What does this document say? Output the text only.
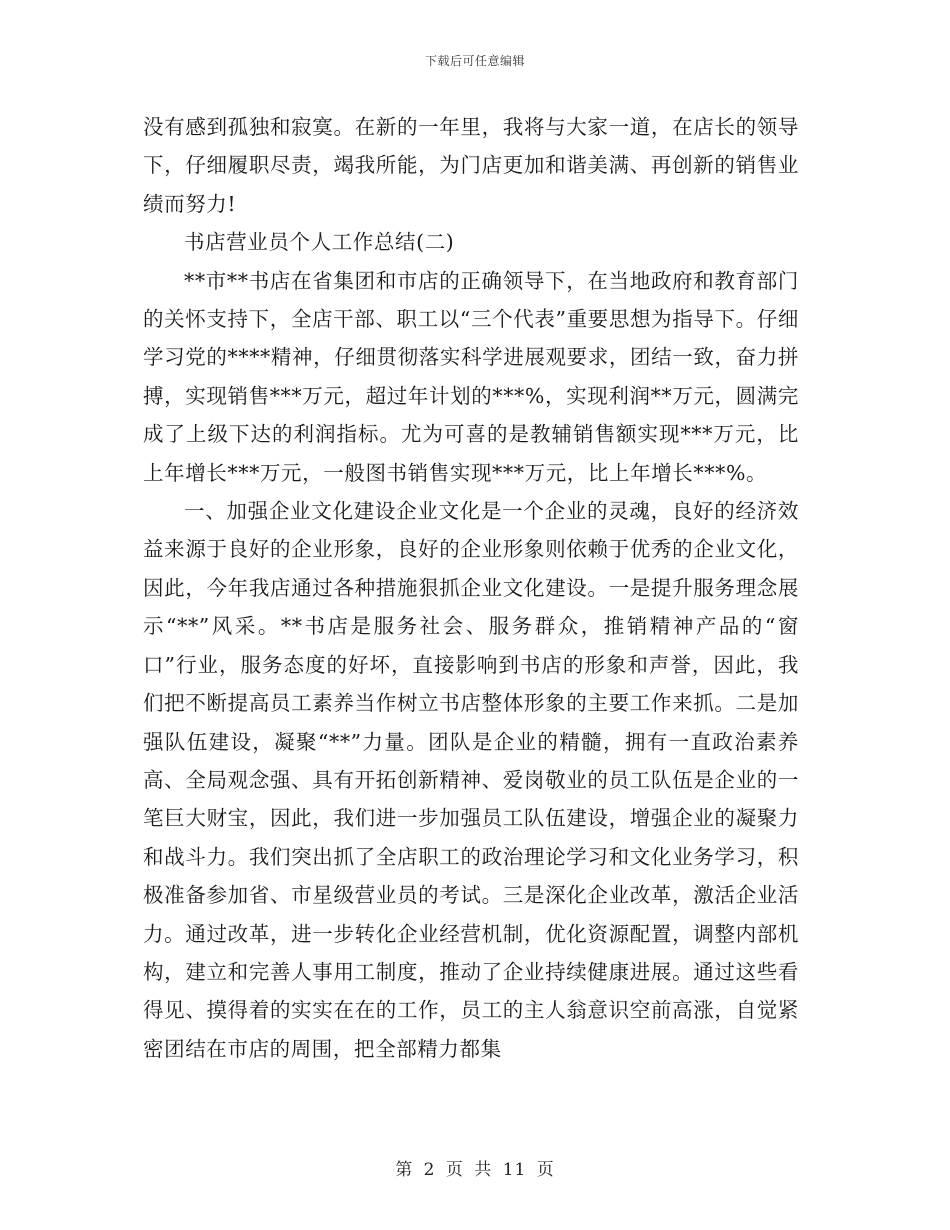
下载后可任意编辑

没有感到孤独和寂寞。在新的一年里，我将与大家一道，在店长的领导下，仔细履职尽责，竭我所能，为门店更加和谐美满、再创新的销售业绩而努力!

书店营业员个人工作总结(二)

**市**书店在省集团和市店的正确领导下，在当地政府和教育部门的关怀支持下，全店干部、职工以“三个代表”重要思想为指导下。仔细学习党的****精神，仔细贯彻落实科学进展观要求，团结一致，奋力拼搏，实现销售***万元，超过年计划的***%，实现利润**万元，圆满完成了上级下达的利润指标。尤为可喜的是教辅销售额实现***万元，比上年增长***万元，一般图书销售实现***万元，比上年增长***%。

一、加强企业文化建设企业文化是一个企业的灵魂，良好的经济效益来源于良好的企业形象，良好的企业形象则依赖于优秀的企业文化，因此，今年我店通过各种措施狠抓企业文化建设。一是提升服务理念展示“**”风采。**书店是服务社会、服务群众，推销精神产品的“窗口”行业，服务态度的好坏，直接影响到书店的形象和声誉，因此，我们把不断提高员工素养当作树立书店整体形象的主要工作来抓。二是加强队伍建设，凝聚“**”力量。团队是企业的精髓，拥有一直政治素养高、全局观念强、具有开拓创新精神、爱岗敬业的员工队伍是企业的一笔巨大财宝，因此，我们进一步加强员工队伍建设，增强企业的凝聚力和战斗力。我们突出抓了全店职工的政治理论学习和文化业务学习，积极准备参加省、市星级营业员的考试。三是深化企业改革，激活企业活力。通过改革，进一步转化企业经营机制，优化资源配置，调整内部机构，建立和完善人事用工制度，推动了企业持续健康进展。通过这些看得见、摸得着的实实在在的工作，员工的主人翁意识空前高涨，自觉紧密团结在市店的周围，把全部精力都集

第 2 页 共 11 页
